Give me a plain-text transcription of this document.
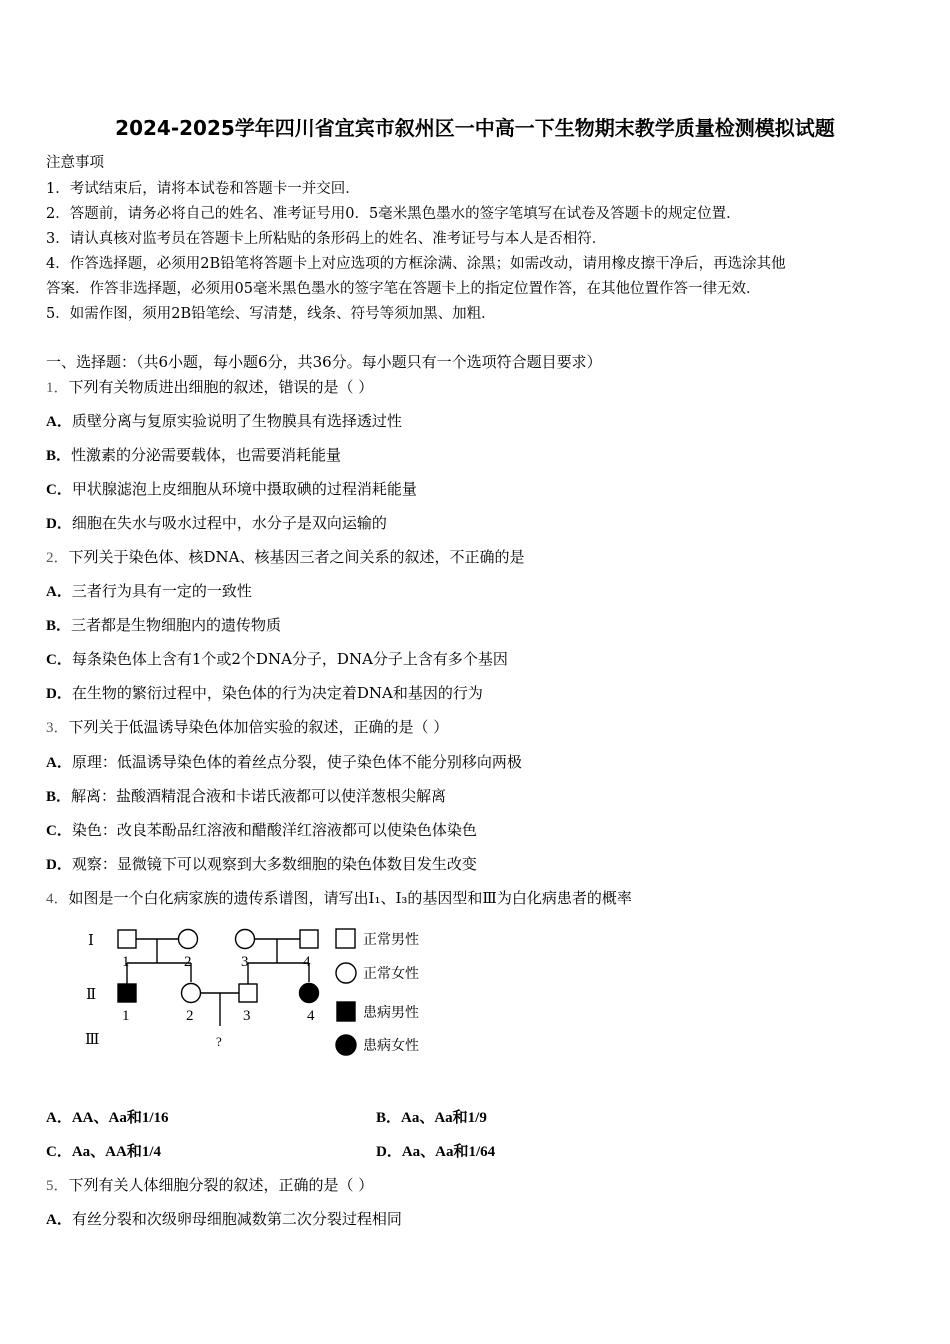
2024-2025学年四川省宜宾市叙州区一中高一下生物期末教学质量检测模拟试题
注意事项
1．考试结束后，请将本试卷和答题卡一并交回．
2．答题前，请务必将自己的姓名、准考证号用0．5毫米黑色墨水的签字笔填写在试卷及答题卡的规定位置．
3．请认真核对监考员在答题卡上所粘贴的条形码上的姓名、准考证号与本人是否相符．
4．作答选择题，必须用2B铅笔将答题卡上对应选项的方框涂满、涂黑；如需改动，请用橡皮擦干净后，再选涂其他
答案．作答非选择题，必须用05毫米黑色墨水的签字笔在答题卡上的指定位置作答，在其他位置作答一律无效．
5．如需作图，须用2B铅笔绘、写清楚，线条、符号等须加黑、加粗．
一、选择题：（共6小题，每小题6分，共36分。每小题只有一个选项符合题目要求）
1．下列有关物质进出细胞的叙述，错误的是（ ）
A．质壁分离与复原实验说明了生物膜具有选择透过性
B．性激素的分泌需要载体，也需要消耗能量
C．甲状腺滤泡上皮细胞从环境中摄取碘的过程消耗能量
D．细胞在失水与吸水过程中，水分子是双向运输的
2．下列关于染色体、核DNA、核基因三者之间关系的叙述，不正确的是
A．三者行为具有一定的一致性
B．三者都是生物细胞内的遗传物质
C．每条染色体上含有1个或2个DNA分子，DNA分子上含有多个基因
D．在生物的繁衍过程中，染色体的行为决定着DNA和基因的行为
3．下列关于低温诱导染色体加倍实验的叙述，正确的是（ ）
A．原理：低温诱导染色体的着丝点分裂，使子染色体不能分别移向两极
B．解离：盐酸酒精混合液和卡诺氏液都可以使洋葱根尖解离
C．染色：改良苯酚品红溶液和醋酸洋红溶液都可以使染色体染色
D．观察：显微镜下可以观察到大多数细胞的染色体数目发生改变
4．如图是一个白化病家族的遗传系谱图，请写出Ⅰ₁、Ⅰ₃的基因型和Ⅲ为白化病患者的概率
Ⅰ
Ⅱ
Ⅲ
1	2	3	4
1	2	3	4
?
正常男性
正常女性
患病男性
患病女性
A．AA、Aa和1/16	B．Aa、Aa和1/9
C．Aa、AA和1/4	D．Aa、Aa和1/64
5．下列有关人体细胞分裂的叙述，正确的是（ ）
A．有丝分裂和次级卵母细胞减数第二次分裂过程相同
